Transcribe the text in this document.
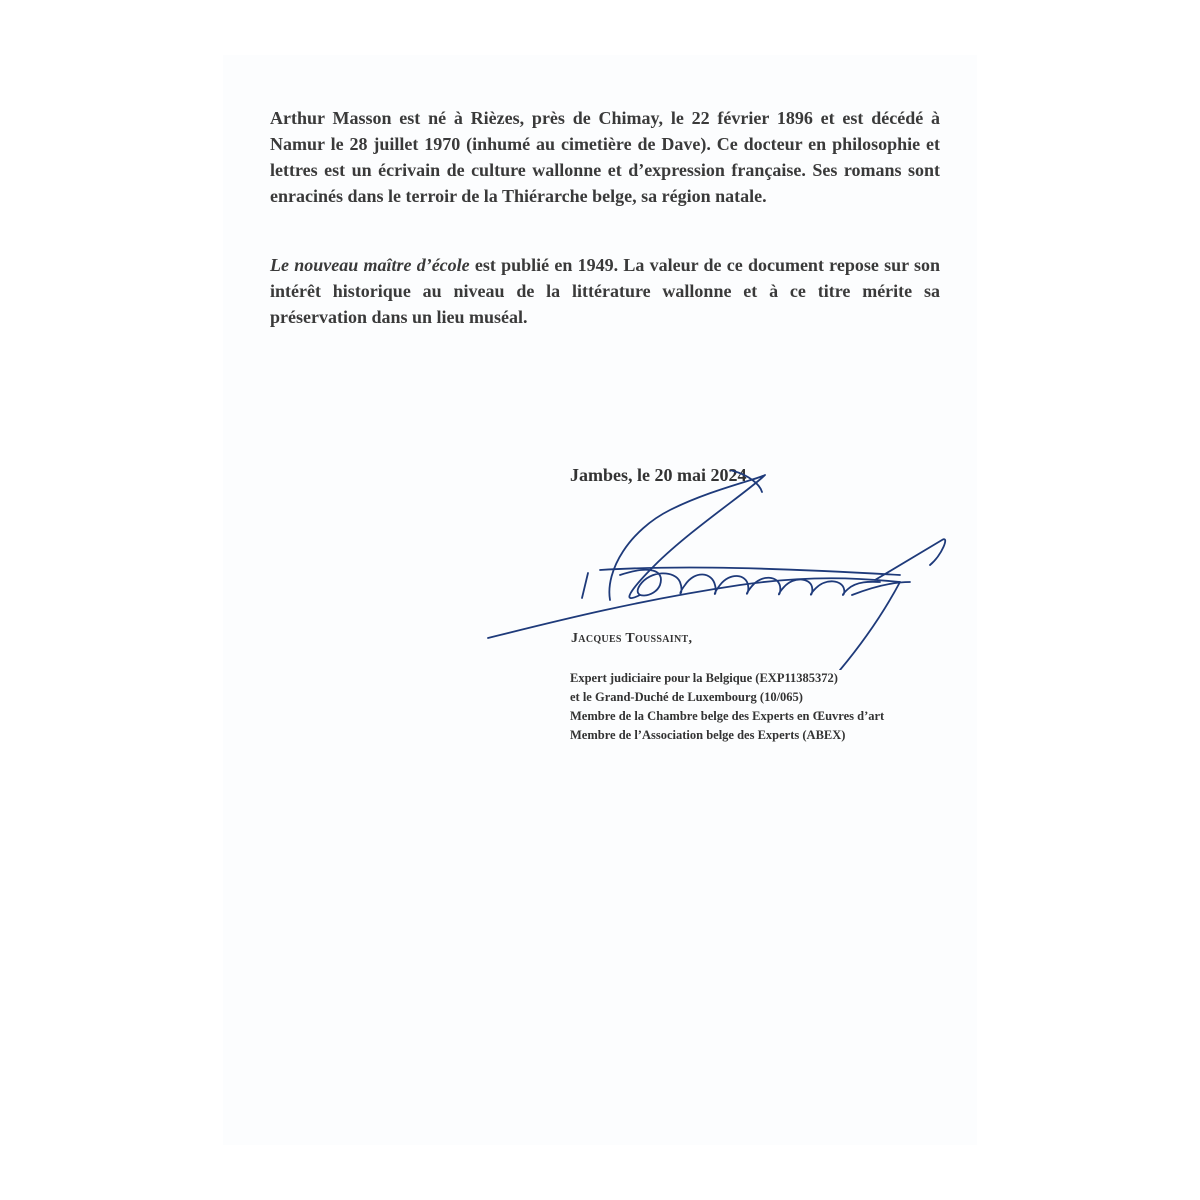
Arthur Masson est né à Rièzes, près de Chimay, le 22 février 1896 et est décédé à Namur le 28 juillet 1970 (inhumé au cimetière de Dave). Ce docteur en philosophie et lettres est un écrivain de culture wallonne et d’expression française. Ses romans sont enracinés dans le terroir de la Thiérarche belge, sa région natale.

Le nouveau maître d’école est publié en 1949. La valeur de ce document repose sur son intérêt historique au niveau de la littérature wallonne et à ce titre mérite sa préservation dans un lieu muséal.

Jambes, le 20 mai 2024
Jacques Toussaint,
Expert judiciaire pour la Belgique (EXP11385372)
et le Grand-Duché de Luxembourg (10/065)
Membre de la Chambre belge des Experts en Œuvres d’art
Membre de l’Association belge des Experts (ABEX)
